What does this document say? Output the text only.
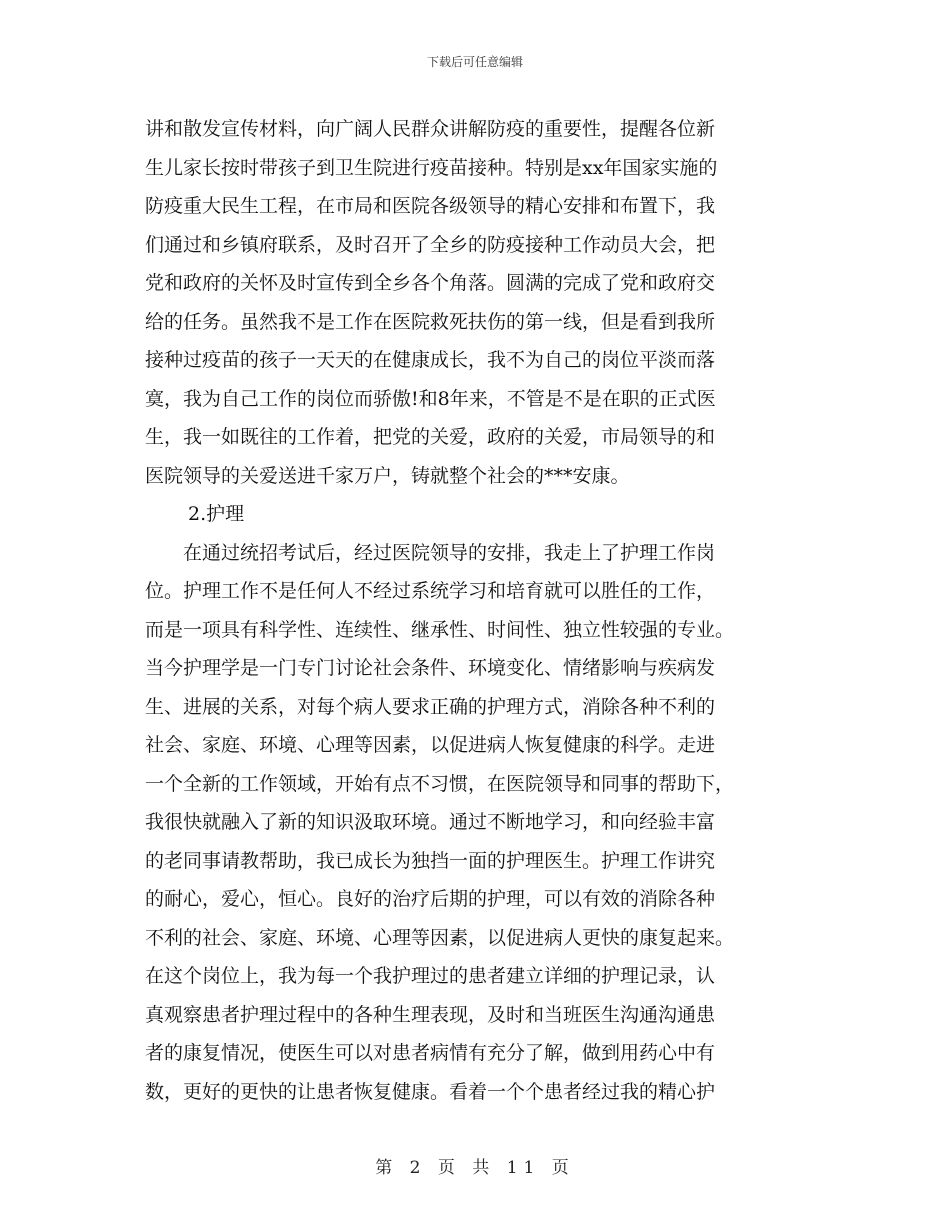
下载后可任意编辑
讲和散发宣传材料，向广阔人民群众讲解防疫的重要性，提醒各位新
生儿家长按时带孩子到卫生院进行疫苗接种。特别是xx年国家实施的
防疫重大民生工程，在市局和医院各级领导的精心安排和布置下，我
们通过和乡镇府联系，及时召开了全乡的防疫接种工作动员大会，把
党和政府的关怀及时宣传到全乡各个角落。圆满的完成了党和政府交
给的任务。虽然我不是工作在医院救死扶伤的第一线，但是看到我所
接种过疫苗的孩子一天天的在健康成长，我不为自己的岗位平淡而落
寞，我为自己工作的岗位而骄傲!和8年来，不管是不是在职的正式医
生，我一如既往的工作着，把党的关爱，政府的关爱，市局领导的和
医院领导的关爱送进千家万户，铸就整个社会的***安康。
2.护理
在通过统招考试后，经过医院领导的安排，我走上了护理工作岗
位。护理工作不是任何人不经过系统学习和培育就可以胜任的工作，
而是一项具有科学性、连续性、继承性、时间性、独立性较强的专业。
当今护理学是一门专门讨论社会条件、环境变化、情绪影响与疾病发
生、进展的关系，对每个病人要求正确的护理方式，消除各种不利的
社会、家庭、环境、心理等因素，以促进病人恢复健康的科学。走进
一个全新的工作领域，开始有点不习惯，在医院领导和同事的帮助下，
我很快就融入了新的知识汲取环境。通过不断地学习，和向经验丰富
的老同事请教帮助，我已成长为独挡一面的护理医生。护理工作讲究
的耐心，爱心，恒心。良好的治疗后期的护理，可以有效的消除各种
不利的社会、家庭、环境、心理等因素，以促进病人更快的康复起来。
在这个岗位上，我为每一个我护理过的患者建立详细的护理记录，认
真观察患者护理过程中的各种生理表现，及时和当班医生沟通沟通患
者的康复情况，使医生可以对患者病情有充分了解，做到用药心中有
数，更好的更快的让患者恢复健康。看着一个个患者经过我的精心护
第 2 页 共 11 页
